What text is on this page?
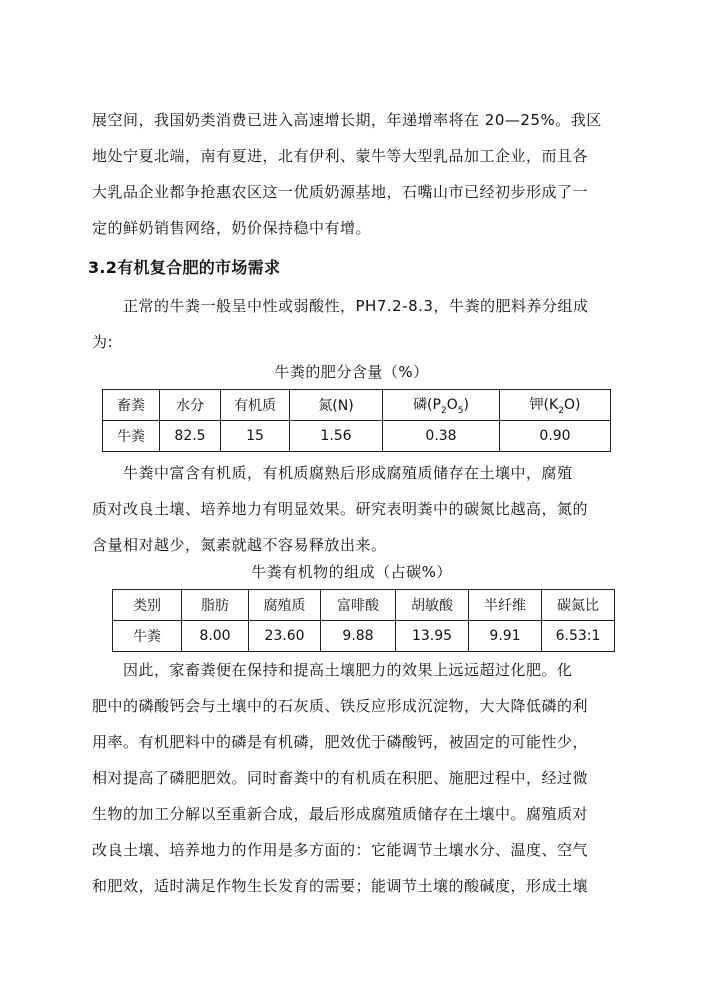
展空间，我国奶类消费已进入高速增长期，年递增率将在 20—25%。我区
地处宁夏北端，南有夏进，北有伊利、蒙牛等大型乳品加工企业，而且各
大乳品企业都争抢惠农区这一优质奶源基地，石嘴山市已经初步形成了一
定的鲜奶销售网络，奶价保持稳中有增。
3.2有机复合肥的市场需求
　　正常的牛粪一般呈中性或弱酸性，PH7.2-8.3，牛粪的肥料养分组成
为:
牛粪的肥分含量（%）
畜粪	水分	有机质	氮(N)	磷$(P_2O_5)$	钾$(K_2O)$
牛粪	82.5	15	1.56	0.38	0.90
　　牛粪中富含有机质，有机质腐熟后形成腐殖质储存在土壤中，腐殖
质对改良土壤、培养地力有明显效果。研究表明粪中的碳氮比越高，氮的
含量相对越少，氮素就越不容易释放出来。
牛粪有机物的组成（占碳%）
类别	脂肪	腐殖质	富啡酸	胡敏酸	半纤维	碳氮比
牛粪	8.00	23.60	9.88	13.95	9.91	6.53:1
　　因此，家畜粪便在保持和提高土壤肥力的效果上远远超过化肥。化
肥中的磷酸钙会与土壤中的石灰质、铁反应形成沉淀物，大大降低磷的利
用率。有机肥料中的磷是有机磷，肥效优于磷酸钙，被固定的可能性少，
相对提高了磷肥肥效。同时畜粪中的有机质在积肥、施肥过程中，经过微
生物的加工分解以至重新合成，最后形成腐殖质储存在土壤中。腐殖质对
改良土壤、培养地力的作用是多方面的：它能调节土壤水分、温度、空气
和肥效，适时满足作物生长发育的需要；能调节土壤的酸碱度，形成土壤
